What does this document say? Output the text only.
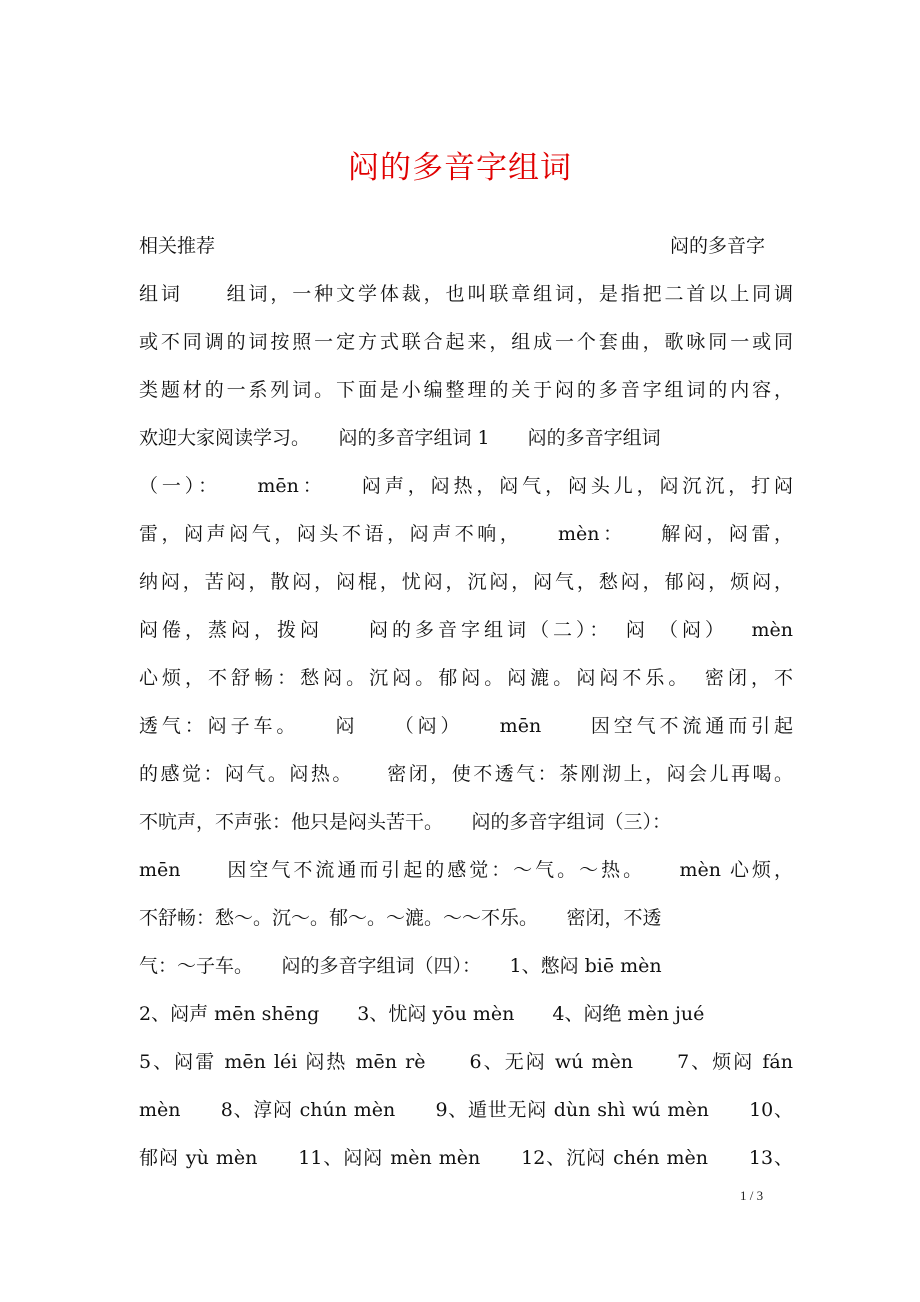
闷的多音字组词
相关推荐	闷的多音字
组词　　组词，一种文学体裁，也叫联章组词，是指把二首以上同调
或不同调的词按照一定方式联合起来，组成一个套曲，歌咏同一或同
类题材的一系列词。下面是小编整理的关于闷的多音字组词的内容，
欢迎大家阅读学习。　　闷的多音字组词 1　　闷的多音字组词
（一）：　　mēn：　　闷声，闷热，闷气，闷头儿，闷沉沉，打闷
雷，闷声闷气，闷头不语，闷声不响，　　mèn：　　解闷，闷雷，
纳闷，苦闷，散闷，闷棍，忧闷，沉闷，闷气，愁闷，郁闷，烦闷，
闷倦，蒸闷，拨闷　　闷的多音字组词（二）：　闷 （闷）　 mèn
心烦，不舒畅：愁闷。沉闷。郁闷。闷漉。闷闷不乐。　密闭，不
透气：闷子车。　　闷　　（闷）　　mēn　　因空气不流通而引起
的感觉：闷气。闷热。　　密闭，使不透气：茶刚沏上，闷会儿再喝。
不吭声，不声张：他只是闷头苦干。　　闷的多音字组词（三）：
mēn　　因空气不流通而引起的感觉：～气。～热。　　mèn 心烦，
不舒畅：愁～。沉～。郁～。～漉。～～不乐。　　密闭，不透
气：～子车。　　闷的多音字组词（四）：　　1、憋闷 biē mèn
2、闷声 mēn shēng　　3、忧闷 yōu mèn　　4、闷绝 mèn jué
5、闷雷 mēn léi 闷热 mēn rè　　6、无闷 wú mèn　　7、烦闷 fán
mèn　　8、淳闷 chún mèn　　9、遁世无闷 dùn shì wú mèn　　10、
郁闷 yù mèn　　11、闷闷 mèn mèn　　12、沉闷 chén mèn　　13、
1 / 3
